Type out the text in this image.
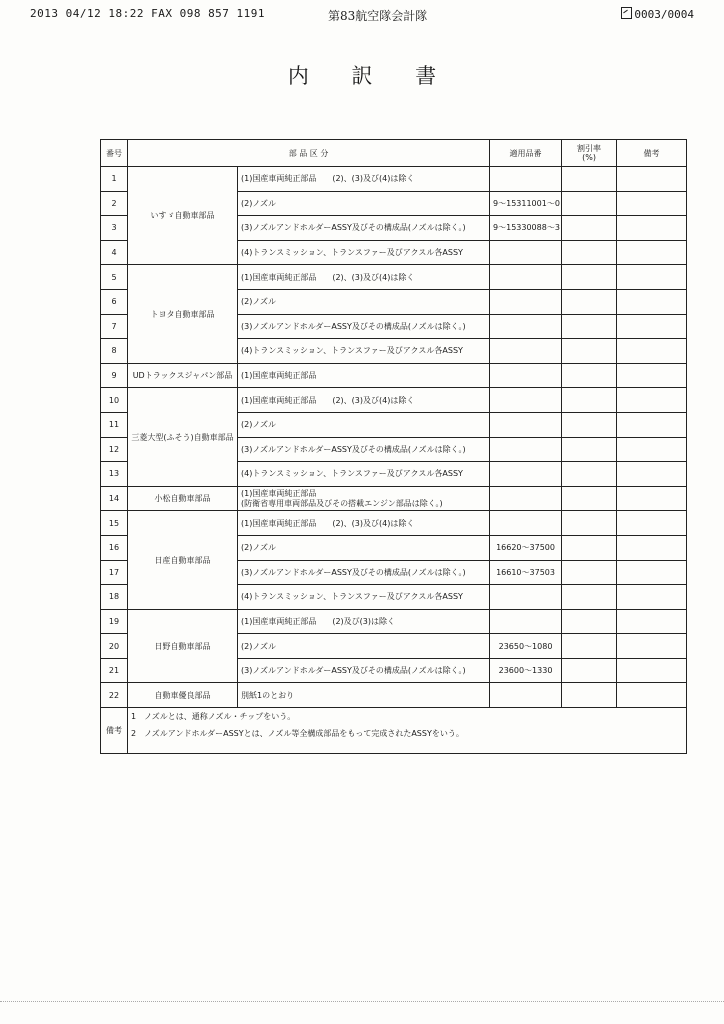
2013 04/12 18:22 FAX 098 857 1191	第83航空隊会計隊	0003/0004
内 訳 書
番号	部 品 区 分		適用品番	割引率
(%)	備考
1	いすゞ自動車部品	(1)国産車両純正部品　　(2)、(3)及び(4)は除く			
2		(2)ノズル	9～15311001～0		
3		(3)ノズルアンドホルダーASSY及びその構成品(ノズルは除く。)	9～15330088～3		
4		(4)トランスミッション、トランスファー及びアクスル各ASSY			
5	トヨタ自動車部品	(1)国産車両純正部品　　(2)、(3)及び(4)は除く			
6		(2)ノズル			
7		(3)ノズルアンドホルダーASSY及びその構成品(ノズルは除く。)			
8		(4)トランスミッション、トランスファー及びアクスル各ASSY			
9	UDトラックスジャパン部品	(1)国産車両純正部品			
10	三菱大型(ふそう)自動車部品	(1)国産車両純正部品　　(2)、(3)及び(4)は除く			
11		(2)ノズル			
12		(3)ノズルアンドホルダーASSY及びその構成品(ノズルは除く。)			
13		(4)トランスミッション、トランスファー及びアクスル各ASSY			
14	小松自動車部品	(1)国産車両純正部品
(防衛省専用車両部品及びその搭載エンジン部品は除く。)			
15	日産自動車部品	(1)国産車両純正部品　　(2)、(3)及び(4)は除く			
16		(2)ノズル	16620～37500		
17		(3)ノズルアンドホルダーASSY及びその構成品(ノズルは除く。)	16610～37503		
18		(4)トランスミッション、トランスファー及びアクスル各ASSY			
19	日野自動車部品	(1)国産車両純正部品　　(2)及び(3)は除く			
20		(2)ノズル	23650～1080		
21		(3)ノズルアンドホルダーASSY及びその構成品(ノズルは除く。)	23600～1330		
22	自動車優良部品	別紙1のとおり			
備考	1　ノズルとは、通称ノズル・チップをいう。
2　ノズルアンドホルダーASSYとは、ノズル等全構成部品をもって完成されたASSYをいう。				
